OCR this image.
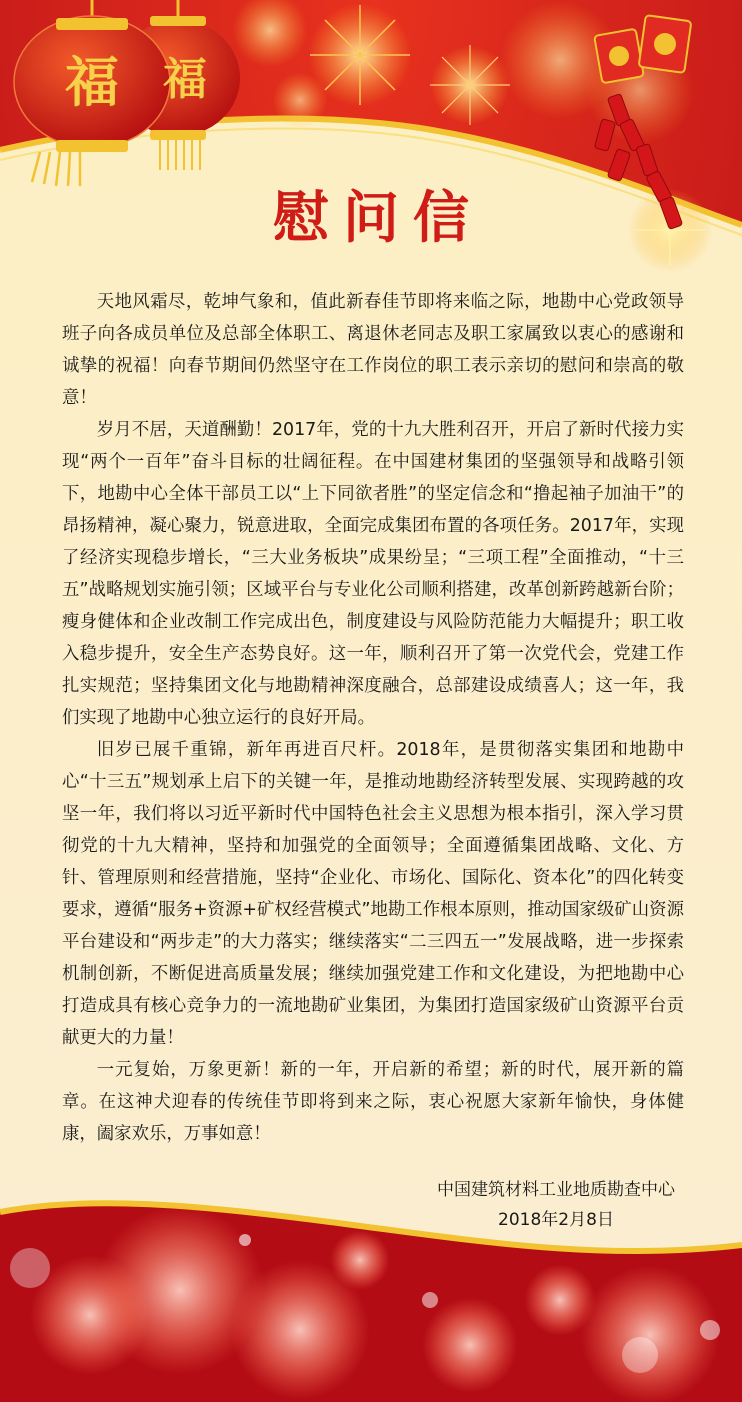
福	福
慰问信

天地风霜尽，乾坤气象和，值此新春佳节即将来临之际，地勘中心党政领导班子向各成员单位及总部全体职工、离退休老同志及职工家属致以衷心的感谢和诚挚的祝福！向春节期间仍然坚守在工作岗位的职工表示亲切的慰问和崇高的敬意！

岁月不居，天道酬勤！2017年，党的十九大胜利召开，开启了新时代接力实现“两个一百年”奋斗目标的壮阔征程。在中国建材集团的坚强领导和战略引领下，地勘中心全体干部员工以“上下同欲者胜”的坚定信念和“撸起袖子加油干”的昂扬精神，凝心聚力，锐意进取，全面完成集团布置的各项任务。2017年，实现了经济实现稳步增长，“三大业务板块”成果纷呈；“三项工程”全面推动，“十三五”战略规划实施引领；区域平台与专业化公司顺利搭建，改革创新跨越新台阶；瘦身健体和企业改制工作完成出色，制度建设与风险防范能力大幅提升；职工收入稳步提升，安全生产态势良好。这一年，顺利召开了第一次党代会，党建工作扎实规范；坚持集团文化与地勘精神深度融合，总部建设成绩喜人；这一年，我们实现了地勘中心独立运行的良好开局。

旧岁已展千重锦，新年再进百尺杆。2018年，是贯彻落实集团和地勘中心“十三五”规划承上启下的关键一年，是推动地勘经济转型发展、实现跨越的攻坚一年，我们将以习近平新时代中国特色社会主义思想为根本指引，深入学习贯彻党的十九大精神，坚持和加强党的全面领导；全面遵循集团战略、文化、方针、管理原则和经营措施，坚持“企业化、市场化、国际化、资本化”的四化转变要求，遵循“服务+资源+矿权经营模式”地勘工作根本原则，推动国家级矿山资源平台建设和“两步走”的大力落实；继续落实“二三四五一”发展战略，进一步探索机制创新，不断促进高质量发展；继续加强党建工作和文化建设，为把地勘中心打造成具有核心竞争力的一流地勘矿业集团，为集团打造国家级矿山资源平台贡献更大的力量！

一元复始，万象更新！新的一年，开启新的希望；新的时代，展开新的篇章。在这神犬迎春的传统佳节即将到来之际，衷心祝愿大家新年愉快，身体健康，阖家欢乐，万事如意！

中国建筑材料工业地质勘查中心
2018年2月8日
